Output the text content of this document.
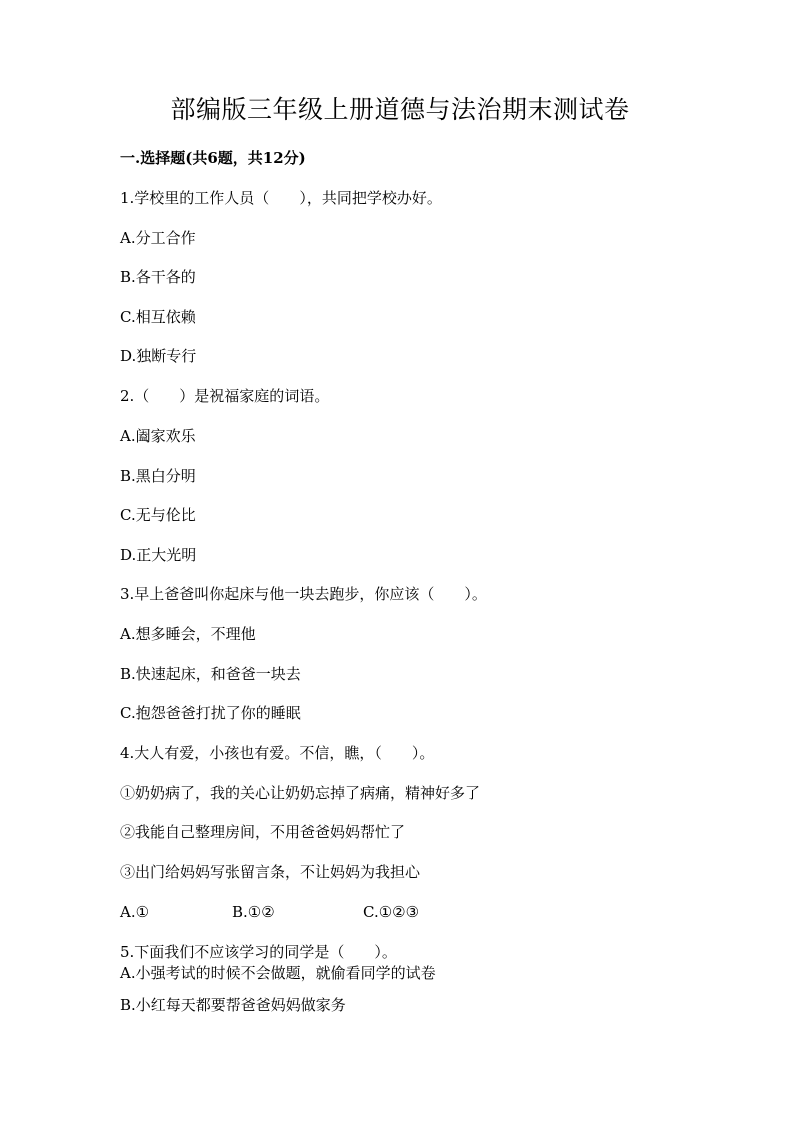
部编版三年级上册道德与法治期末测试卷
一.选择题(共6题，共12分)
1.学校里的工作人员（　　），共同把学校办好。
A.分工合作
B.各干各的
C.相互依赖
D.独断专行
2.（　　）是祝福家庭的词语。
A.阖家欢乐
B.黑白分明
C.无与伦比
D.正大光明
3.早上爸爸叫你起床与他一块去跑步，你应该（　　）。
A.想多睡会，不理他
B.快速起床，和爸爸一块去
C.抱怨爸爸打扰了你的睡眠
4.大人有爱，小孩也有爱。不信，瞧，（　　）。
①奶奶病了，我的关心让奶奶忘掉了病痛，精神好多了
②我能自己整理房间，不用爸爸妈妈帮忙了
③出门给妈妈写张留言条，不让妈妈为我担心
A.①	B.①②	C.①②③
5.下面我们不应该学习的同学是（　　）。
A.小强考试的时候不会做题，就偷看同学的试卷
B.小红每天都要帮爸爸妈妈做家务
